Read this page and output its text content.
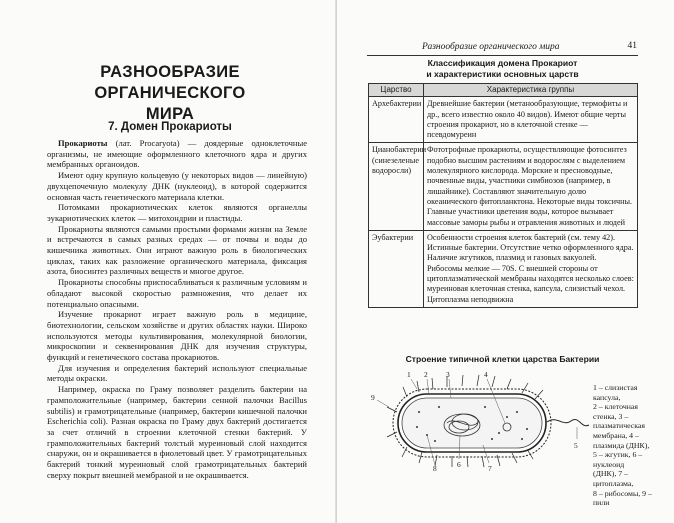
РАЗНООБРАЗИЕ
ОРГАНИЧЕСКОГО МИРА
7. Домен Прокариоты

Прокариоты (лат. Procaryota) — доядерные одноклеточные организмы, не имеющие оформленного клеточного ядра и других мембранных органоидов.

Имеют одну крупную кольцевую (у некоторых видов — линейную) двухцепочечную молекулу ДНК (нуклеоид), в которой содержится основная часть генетического материала клетки.

Потомками прокариотических клеток являются органеллы эукариотических клеток — митохондрии и пластиды.

Прокариоты являются самыми простыми формами жизни на Земле и встречаются в самых разных средах — от почвы и воды до кишечника животных. Они играют важную роль в биологических циклах, таких как разложение органического материала, фиксация азота, биосинтез различных веществ и многое другое.

Прокариоты способны приспосабливаться к различным условиям и обладают высокой скоростью размножения, что делает их потенциально опасными.

Изучение прокариот играет важную роль в медицине, биотехнологии, сельском хозяйстве и других областях науки. Широко используются методы культивирования, молекулярной биологии, микроскопии и секвенирования ДНК для изучения структуры, функций и генетического состава прокариотов.

Для изучения и определения бактерий используют специальные методы окраски.

Например, окраска по Граму позволяет разделить бактерии на грамположительные (например, бактерии сенной палочки Bacillus subtilis) и грамотрицательные (например, бактерии кишечной палочки Escherichia coli). Разная окраска по Граму двух бактерий достигается за счет отличий в строении клеточной стенки бактерий. У грамположительных бактерий толстый муреиновый слой находится снаружи, он и окрашивается в фиолетовый цвет. У грамотрицательных бактерий тонкий муреиновый слой грамотрицательных бактерий сверху покрыт внешней мембраной и не окрашивается.

Разнообразие органического мира	41
Классификация домена Прокариот
и характеристики основных царств
Царство	Характеристика группы
Архебактерии	Древнейшие бактерии (метанообразующие, термофиты и др., всего известно около 40 видов). Имеют общие черты строения прокариот, но в клеточной стенке — псевдомуреин
Цианобактерии (синезеленые водоросли)	Фототрофные прокариоты, осуществляющие фотосинтез подобно высшим растениям и водорослям с выделением молекулярного кислорода. Морские и пресноводные, почвенные виды, участники симбиозов (например, в лишайнике). Составляют значительную долю океанического фитопланктона. Некоторые виды токсичны. Главные участники цветения воды, которое вызывает массовые заморы рыбы и отравления животных и людей
Эубактерии	Особенности строения клеток бактерий (см. тему 42). Истинные бактерии. Отсутствие четко оформленного ядра. Наличие жгутиков, плазмид и газовых вакуолей. Рибосомы мелкие — 70S. С внешней стороны от цитоплазматической мембраны находятся несколько слоев: муреиновая клеточная стенка, капсула, слизистый чехол. Цитоплазма неподвижна
Строение типичной клетки царства Бактерии
1 2 3	4
5
6	7
8
9
1 – слизистая капсула,
2 – клеточная стенка, 3 –
плазматическая мембрана, 4 – плазмида (ДНК),
5 – жгутик, 6 – нуклеоид
(ДНК), 7 – цитоплазма,
8 – рибосомы, 9 – пили
